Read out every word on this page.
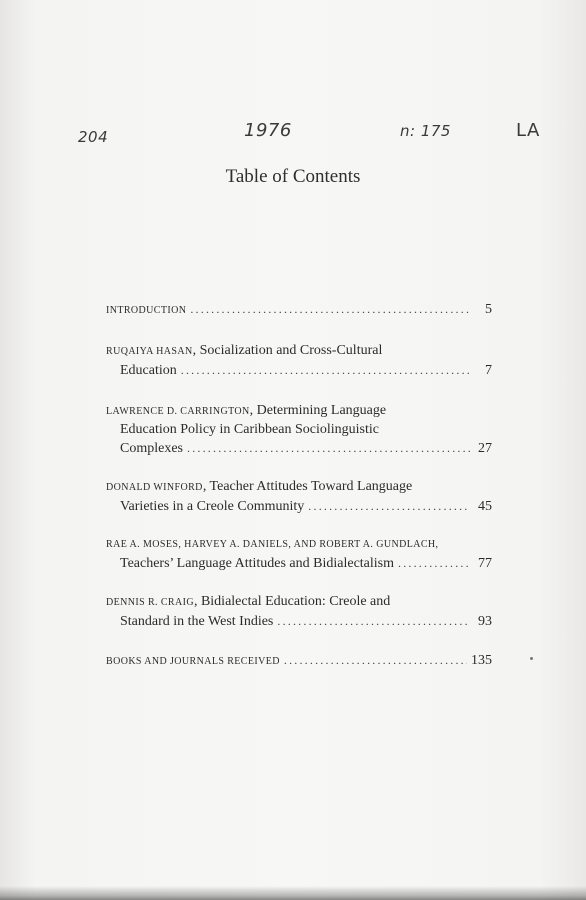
204	1976	n: 175	LA
Table of Contents
INTRODUCTION .....	5
RUQAIYA HASAN , Socialization and Cross-Cultural
Education .....	7
LAWRENCE D. CARRINGTON , Determining Language
Education Policy in Caribbean Sociolinguistic
Complexes .....	27
DONALD WINFORD , Teacher Attitudes Toward Language
Varieties in a Creole Community .....	45
RAE A. MOSES, HARVEY A. DANIELS, AND ROBERT A. GUNDLACH,
Teachers’ Language Attitudes and Bidialectalism .....	77
DENNIS R. CRAIG , Bidialectal Education: Creole and
Standard in the West Indies .....	93
BOOKS AND JOURNALS RECEIVED .....	135
